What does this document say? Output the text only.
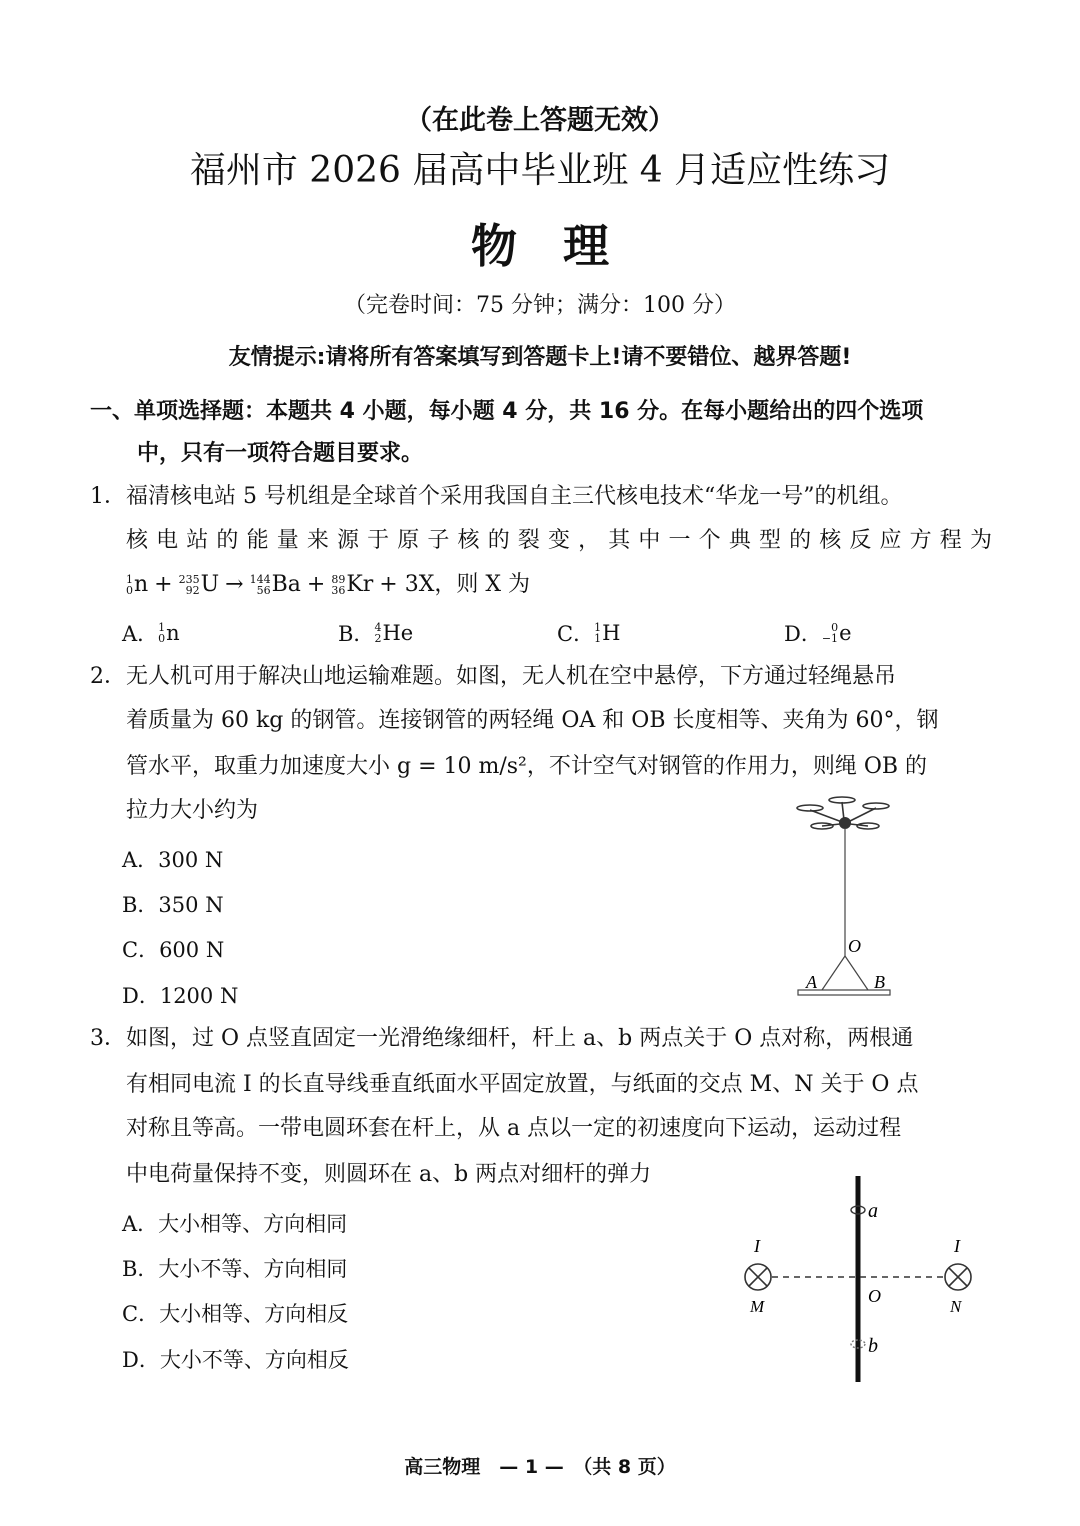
（在此卷上答题无效）
福州市 2026 届高中毕业班 4 月适应性练习
物　理
（完卷时间：75 分钟；满分：100 分）
友情提示:请将所有答案填写到答题卡上!请不要错位、越界答题!
一、单项选择题：本题共 4 小题，每小题 4 分，共 16 分。在每小题给出的四个选项
中，只有一项符合题目要求。
1． 福清核电站 5 号机组是全球首个采用我国自主三代核电技术“华龙一号”的机组。
核 电 站 的 能 量 来 源 于 原 子 核 的 裂 变 ， 其 中 一 个 典 型 的 核 反 应 方 程 为
1
0 n + 235
92 U → 144
56 Ba + 89
36 Kr + 3X ，则 X 为
A． 1
0 n	B． 4
2 He	C． 1
1 H	D． 0
−1 e
2． 无人机可用于解决山地运输难题。如图，无人机在空中悬停，下方通过轻绳悬吊
着质量为 60 kg 的钢管。连接钢管的两轻绳 OA 和 OB 长度相等、夹角为 60°，钢
管水平，取重力加速度大小 g = 10 m/s²，不计空气对钢管的作用力，则绳 OB 的
拉力大小约为
A．300 N
B．350 N
C．600 N
D．1200 N
O
A	B
3． 如图，过 O 点竖直固定一光滑绝缘细杆，杆上 a、b 两点关于 O 点对称，两根通
有相同电流 I 的长直导线垂直纸面水平固定放置，与纸面的交点 M、N 关于 O 点
对称且等高。一带电圆环套在杆上，从 a 点以一定的初速度向下运动，运动过程
中电荷量保持不变，则圆环在 a、b 两点对细杆的弹力
A．大小相等、方向相同
B．大小不等、方向相同
C．大小相等、方向相反
D．大小不等、方向相反
a
b
O
I	I
M	N
高三物理　— 1 —　（共 8 页）
